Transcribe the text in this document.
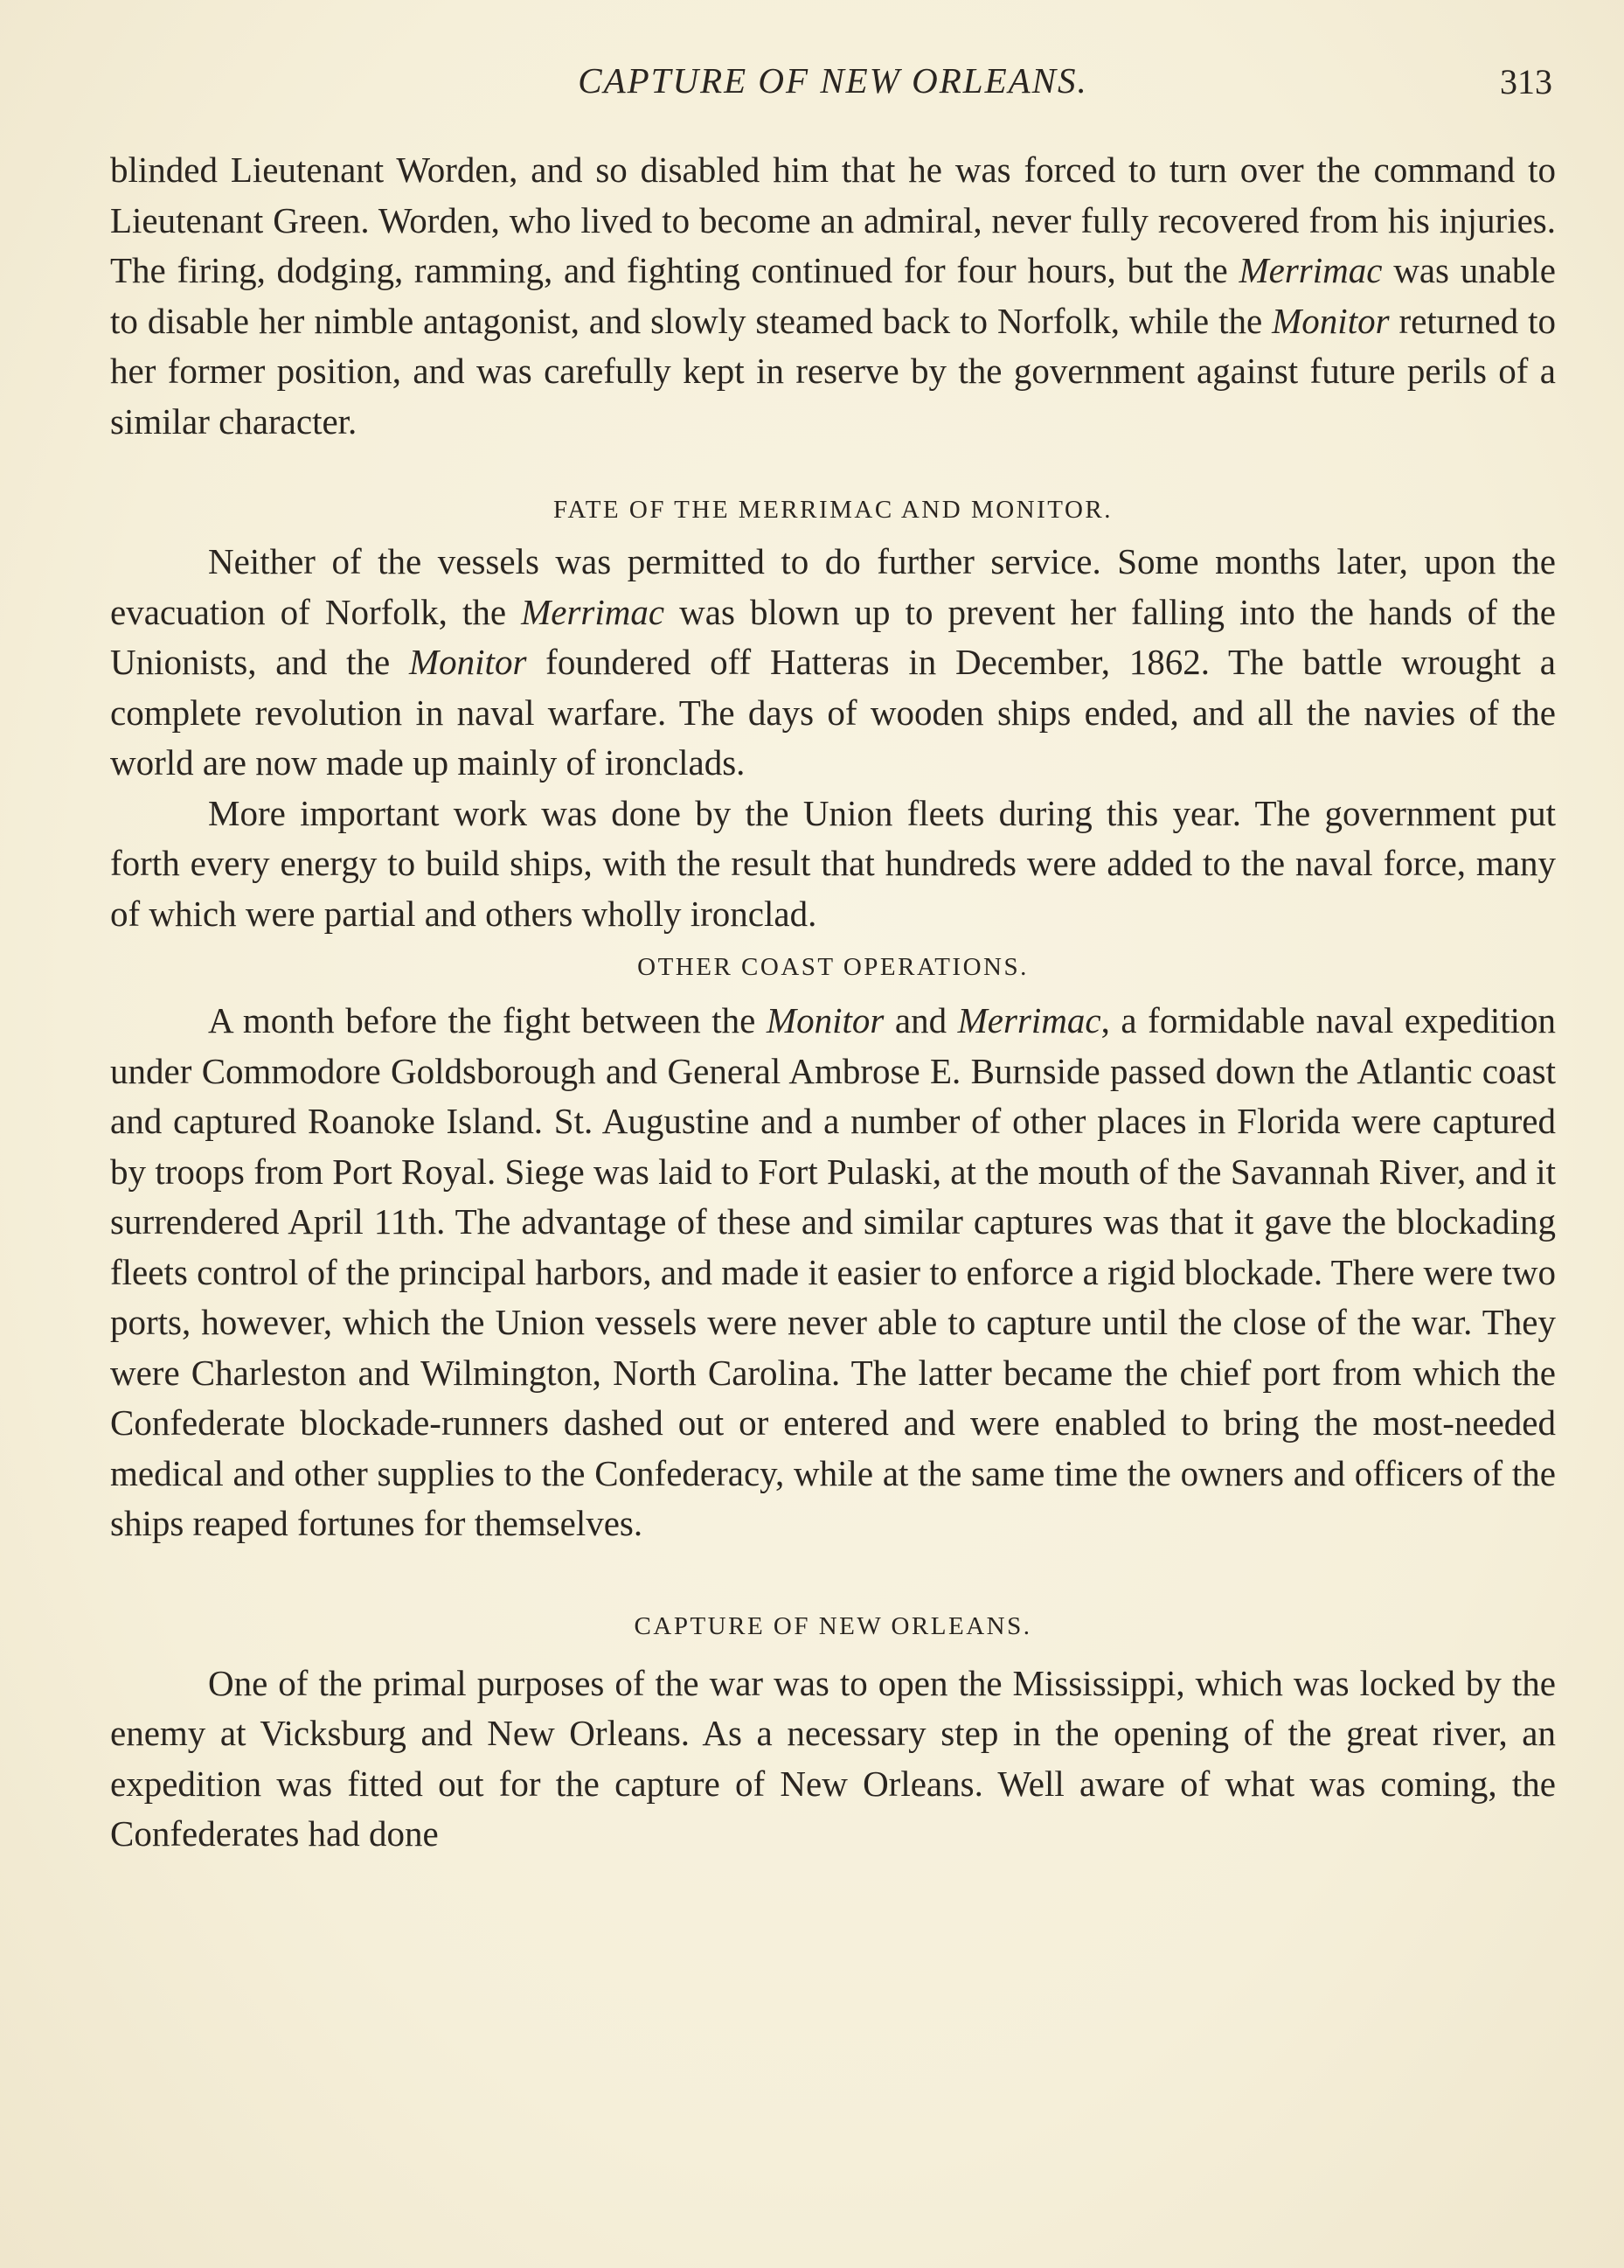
CAPTURE OF NEW ORLEANS.	313

blinded Lieutenant Worden, and so disabled him that he was forced to turn over the command to Lieutenant Green. Worden, who lived to become an admiral, never fully recovered from his injuries. The firing, dodging, ramming, and fighting continued for four hours, but the Merrimac was unable to disable her nimble antagonist, and slowly steamed back to Norfolk, while the Monitor returned to her former position, and was carefully kept in reserve by the government against future perils of a similar character.

FATE OF THE MERRIMAC AND MONITOR.

Neither of the vessels was permitted to do further service. Some months later, upon the evacuation of Norfolk, the Merrimac was blown up to prevent her falling into the hands of the Unionists, and the Monitor foundered off Hatteras in December, 1862. The battle wrought a complete revolution in naval warfare. The days of wooden ships ended, and all the navies of the world are now made up mainly of ironclads.

More important work was done by the Union fleets during this year. The government put forth every energy to build ships, with the result that hundreds were added to the naval force, many of which were partial and others wholly ironclad.

OTHER COAST OPERATIONS.

A month before the fight between the Monitor and Merrimac, a formidable naval expedition under Commodore Goldsborough and General Ambrose E. Burnside passed down the Atlantic coast and captured Roanoke Island. St. Augustine and a number of other places in Florida were captured by troops from Port Royal. Siege was laid to Fort Pulaski, at the mouth of the Savannah River, and it surrendered April 11th. The advantage of these and similar captures was that it gave the blockading fleets control of the principal harbors, and made it easier to enforce a rigid blockade. There were two ports, however, which the Union vessels were never able to capture until the close of the war. They were Charleston and Wilmington, North Carolina. The latter became the chief port from which the Confederate blockade-runners dashed out or entered and were enabled to bring the most-needed medical and other supplies to the Confederacy, while at the same time the owners and officers of the ships reaped fortunes for themselves.

CAPTURE OF NEW ORLEANS.

One of the primal purposes of the war was to open the Mississippi, which was locked by the enemy at Vicksburg and New Orleans. As a necessary step in the opening of the great river, an expedition was fitted out for the capture of New Orleans. Well aware of what was coming, the Confederates had done
